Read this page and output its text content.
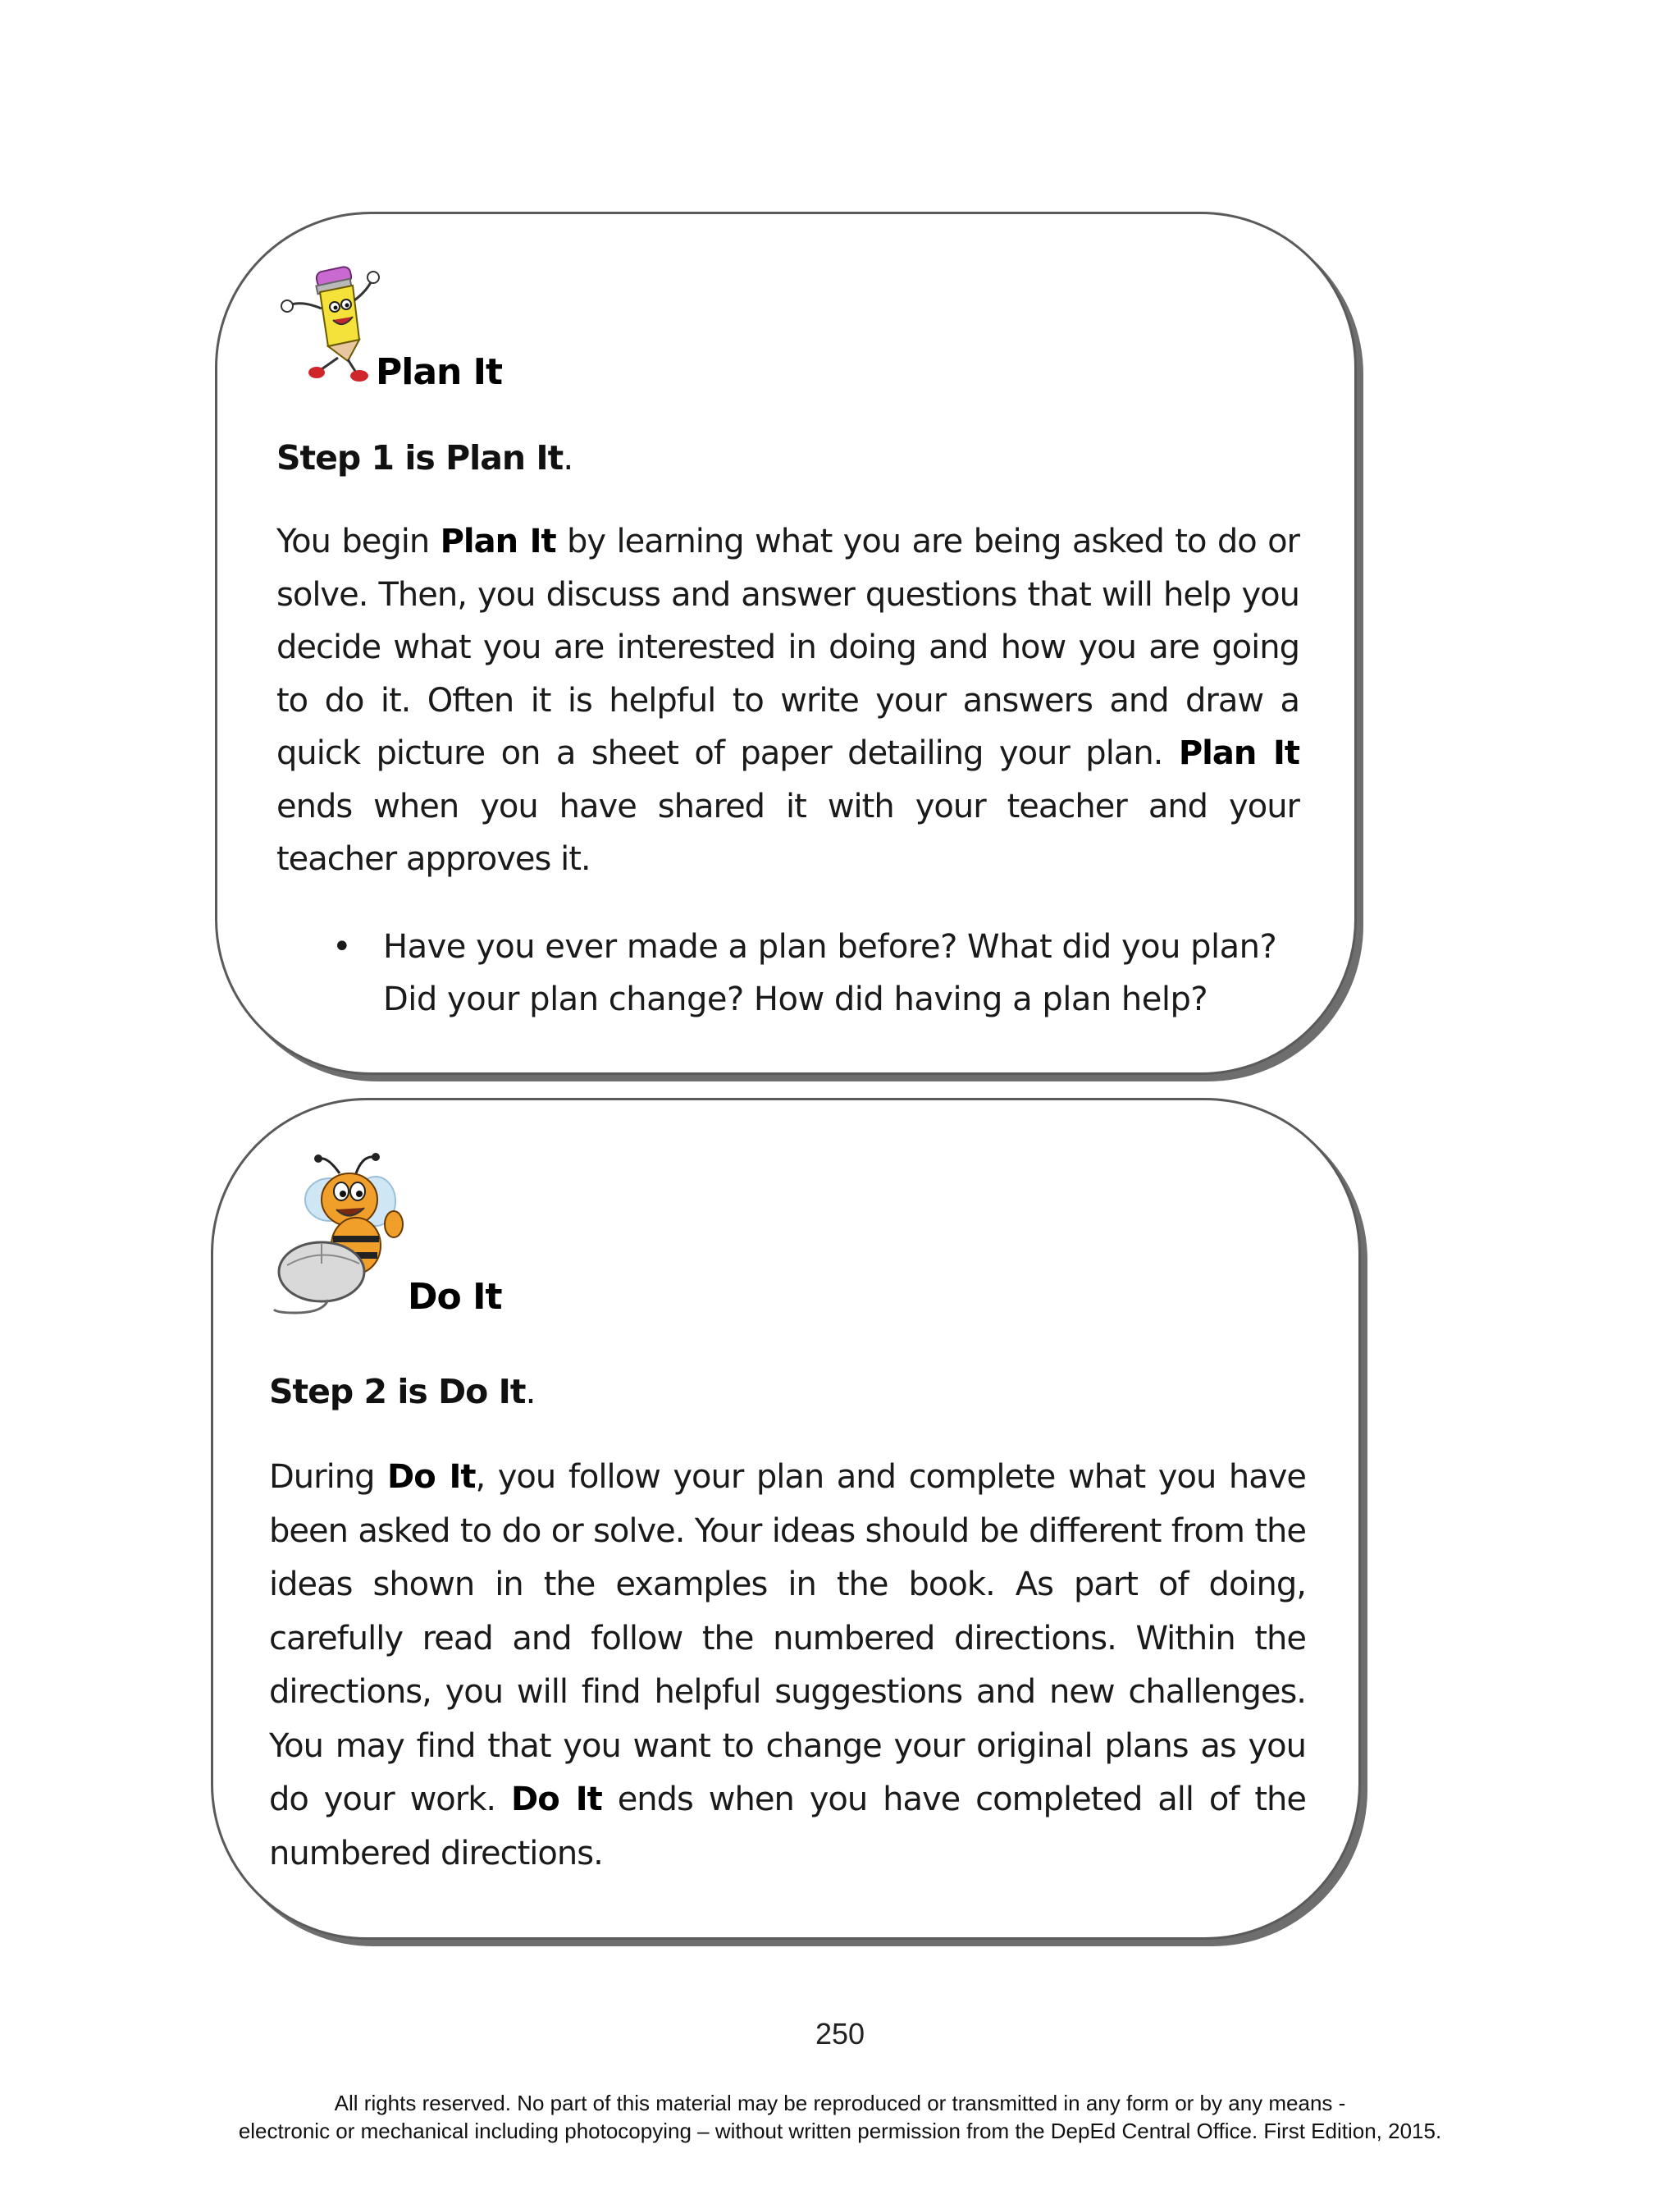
Plan It
Step 1 is Plan It.

You begin Plan It by learning what you are being asked to do or solve. Then, you discuss and answer questions that will help you decide what you are interested in doing and how you are going to do it. Often it is helpful to write your answers and draw a quick picture on a sheet of paper detailing your plan. Plan It ends when you have shared it with your teacher and your teacher approves it.

• Have you ever made a plan before? What did you plan? Did your plan change? How did having a plan help?
Do It
Step 2 is Do It.

During Do It, you follow your plan and complete what you have been asked to do or solve. Your ideas should be different from the ideas shown in the examples in the book. As part of doing, carefully read and follow the numbered directions. Within the directions, you will find helpful suggestions and new challenges. You may find that you want to change your original plans as you do your work. Do It ends when you have completed all of the numbered directions.

250
All rights reserved. No part of this material may be reproduced or transmitted in any form or by any means -
electronic or mechanical including photocopying – without written permission from the DepEd Central Office. First Edition, 2015.
